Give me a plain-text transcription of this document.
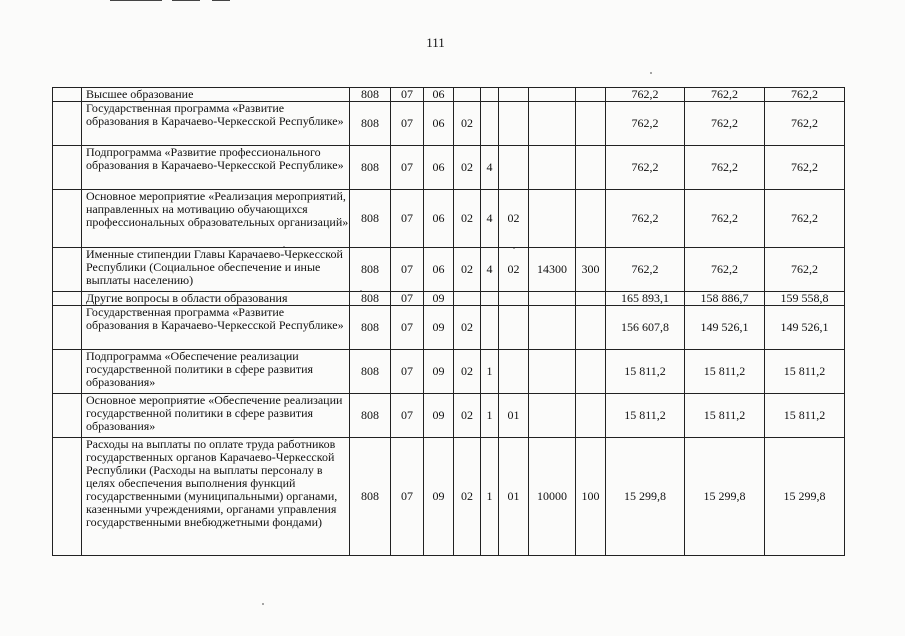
111
	Высшее образование	808	07	06						762,2	762,2	762,2
	Государственная программа «Развитие образования в Карачаево-Черкесской Республике»	808	07	06	02					762,2	762,2	762,2
	Подпрограмма «Развитие профессионального образования в Карачаево-Черкесской Республике»	808	07	06	02	4				762,2	762,2	762,2
	Основное мероприятие «Реализация мероприятий, направленных на мотивацию обучающихся профессиональных образовательных организаций»	808	07	06	02	4	02			762,2	762,2	762,2
	Именные стипендии Главы Карачаево-Черкесской Республики (Социальное обеспечение и иные выплаты населению)	808	07	06	02	4	02	14300	300	762,2	762,2	762,2
	Другие вопросы в области образования	808	07	09						165 893,1	158 886,7	159 558,8
	Государственная программа «Развитие образования в Карачаево-Черкесской Республике»	808	07	09	02					156 607,8	149 526,1	149 526,1
	Подпрограмма «Обеспечение реализации государственной политики в сфере развития образования»	808	07	09	02	1				15 811,2	15 811,2	15 811,2
	Основное мероприятие «Обеспечение реализации государственной политики в сфере развития образования»	808	07	09	02	1	01			15 811,2	15 811,2	15 811,2
	Расходы на выплаты по оплате труда работников государственных органов Карачаево-Черкесской Республики (Расходы на выплаты персоналу в целях обеспечения выполнения функций государственными (муниципальными) органами, казенными учреждениями, органами управления государственными внебюджетными фондами)	808	07	09	02	1	01	10000	100	15 299,8	15 299,8	15 299,8
